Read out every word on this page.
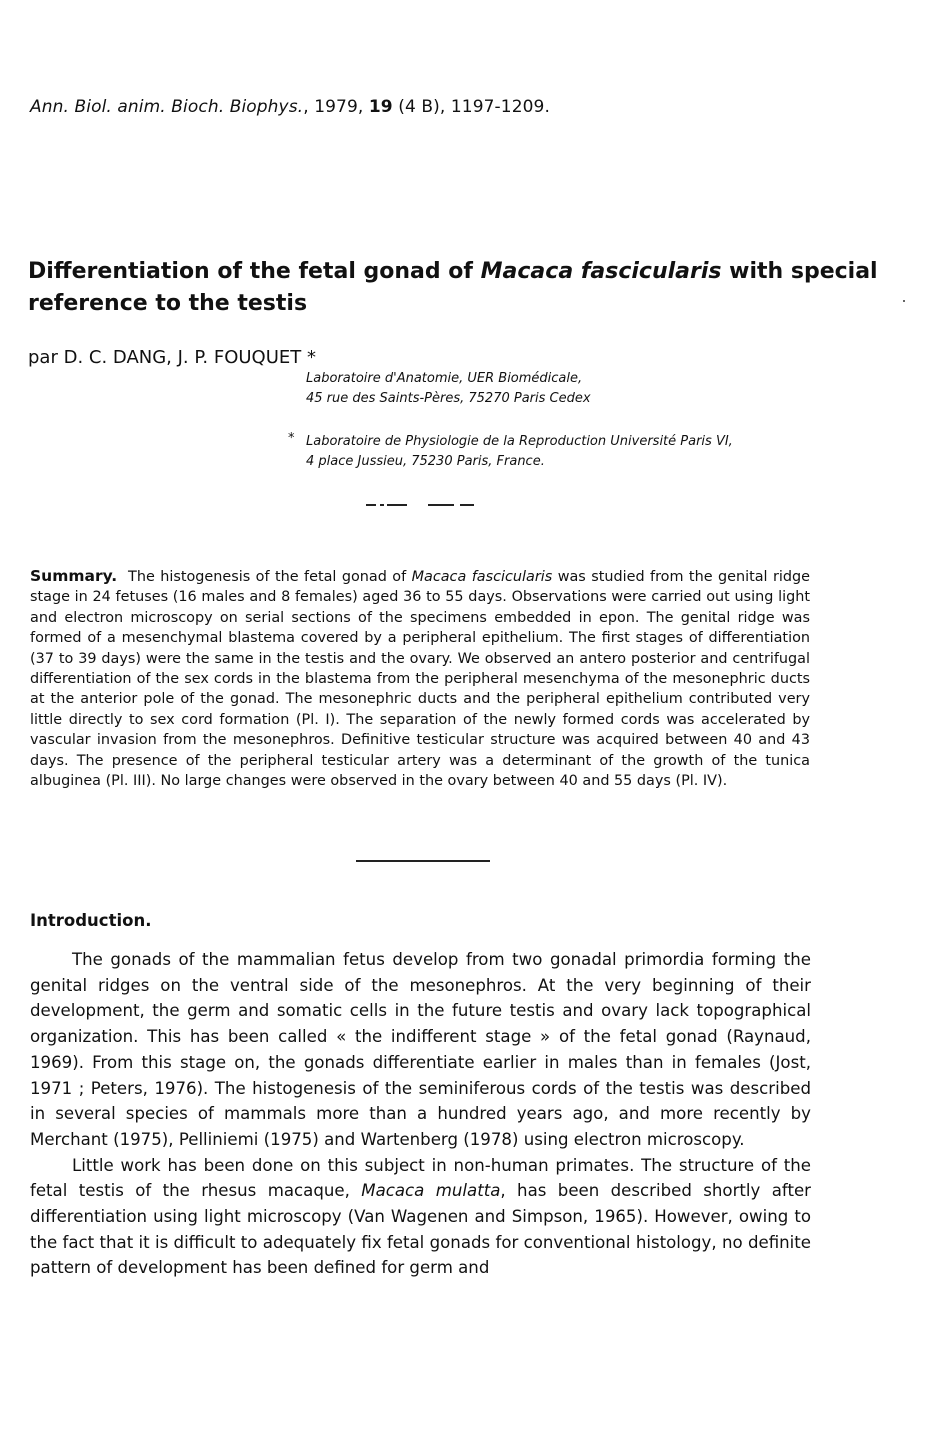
Ann. Biol. anim. Bioch. Biophys., 1979, 19 (4 B), 1197-1209.
Differentiation of the fetal gonad of Macaca fascicularis with special reference to the testis
par D. C. DANG, J. P. FOUQUET *
Laboratoire d'Anatomie, UER Biomédicale,
45 rue des Saints-Pères, 75270 Paris Cedex
* Laboratoire de Physiologie de la Reproduction Université Paris VI,
4 place Jussieu, 75230 Paris, France.
Summary. The histogenesis of the fetal gonad of Macaca fascicularis was studied from the genital ridge stage in 24 fetuses (16 males and 8 females) aged 36 to 55 days. Observations were carried out using light and electron microscopy on serial sections of the specimens embedded in epon. The genital ridge was formed of a mesenchymal blastema covered by a peripheral epithelium. The first stages of differentiation (37 to 39 days) were the same in the testis and the ovary. We observed an antero posterior and centrifugal differentiation of the sex cords in the blastema from the peripheral mesenchyma of the mesonephric ducts at the anterior pole of the gonad. The mesonephric ducts and the peripheral epithelium contributed very little directly to sex cord formation (Pl. I). The separation of the newly formed cords was accelerated by vascular invasion from the mesonephros. Definitive testicular structure was acquired between 40 and 43 days. The presence of the peripheral testicular artery was a determinant of the growth of the tunica albuginea (Pl. III). No large changes were observed in the ovary between 40 and 55 days (Pl. IV).
Introduction.

The gonads of the mammalian fetus develop from two gonadal primordia forming the genital ridges on the ventral side of the mesonephros. At the very beginning of their development, the germ and somatic cells in the future testis and ovary lack topographical organization. This has been called « the indifferent stage » of the fetal gonad (Raynaud, 1969). From this stage on, the gonads differentiate earlier in males than in females (Jost, 1971 ; Peters, 1976). The histogenesis of the seminiferous cords of the testis was described in several species of mammals more than a hundred years ago, and more recently by Merchant (1975), Pelliniemi (1975) and Wartenberg (1978) using electron microscopy.

Little work has been done on this subject in non-human primates. The structure of the fetal testis of the rhesus macaque, Macaca mulatta, has been described shortly after differentiation using light microscopy (Van Wagenen and Simpson, 1965). However, owing to the fact that it is difficult to adequately fix fetal gonads for conventional histology, no definite pattern of development has been defined for germ and
